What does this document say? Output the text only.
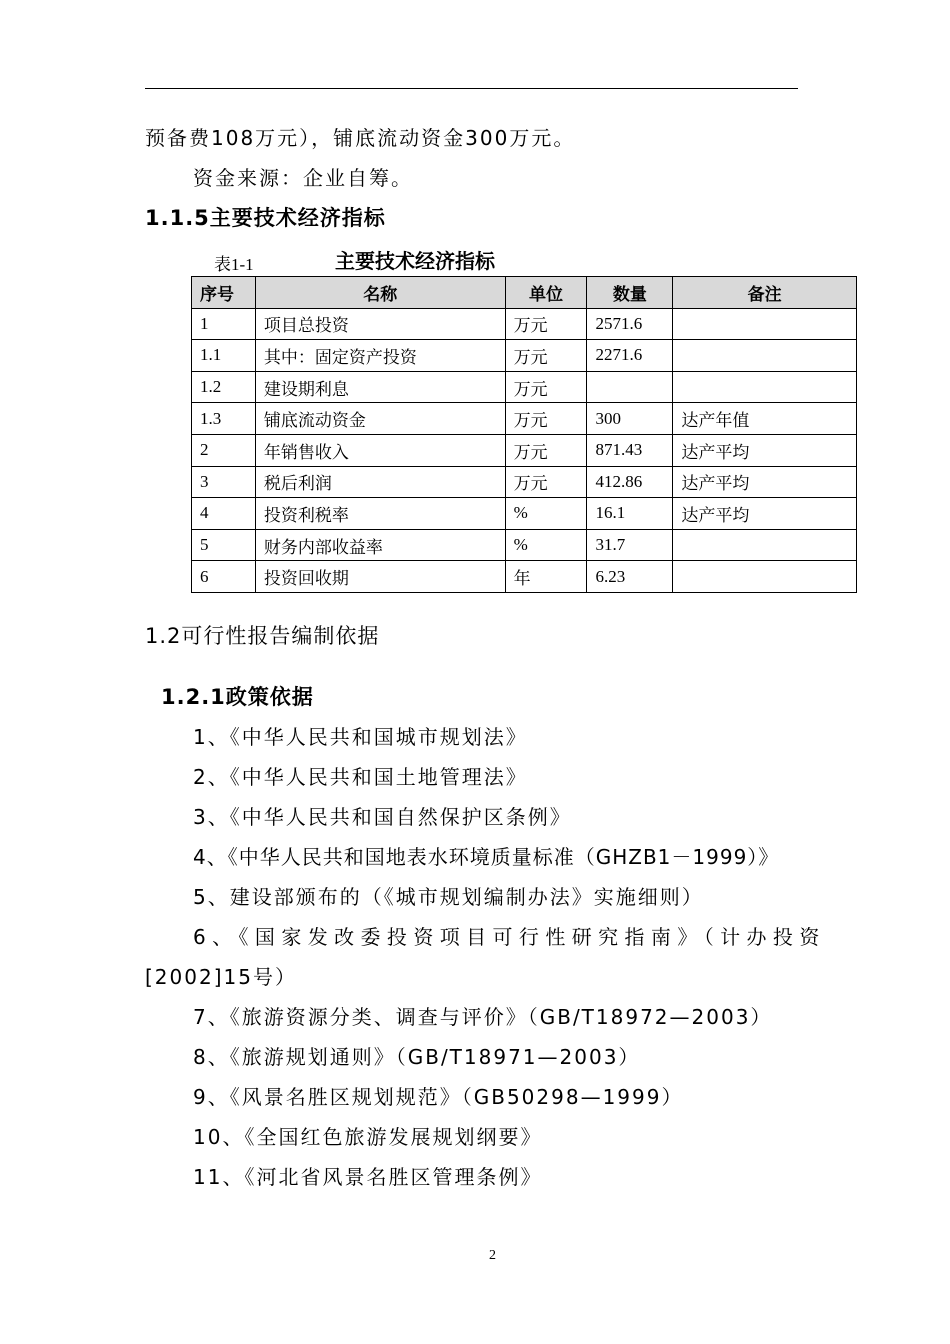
预备费108万元），铺底流动资金300万元。
资金来源：企业自筹。
1.1.5主要技术经济指标
表1-1	主要技术经济指标
序号	名称	单位	数量	备注
1	项目总投资	万元	2571.6	
1.1	其中：固定资产投资	万元	2271.6	
1.2	建设期利息	万元		
1.3	铺底流动资金	万元	300	达产年值
2	年销售收入	万元	871.43	达产平均
3	税后利润	万元	412.86	达产平均
4	投资利税率	%	16.1	达产平均
5	财务内部收益率	%	31.7	
6	投资回收期	年	6.23	
1.2可行性报告编制依据
1.2.1政策依据
1、《中华人民共和国城市规划法》
2、《中华人民共和国土地管理法》
3、《中华人民共和国自然保护区条例》
4、《中华人民共和国地表水环境质量标准（GHZB1－1999）》
5、建设部颁布的（《城市规划编制办法》实施细则）
6、《国家发改委投资项目可行性研究指南》（计办投资
[2002]15号）
7、《旅游资源分类、调查与评价》（GB/T18972—2003）
8、《旅游规划通则》（GB/T18971—2003）
9、《风景名胜区规划规范》（GB50298—1999）
10、《全国红色旅游发展规划纲要》
11、《河北省风景名胜区管理条例》
2
